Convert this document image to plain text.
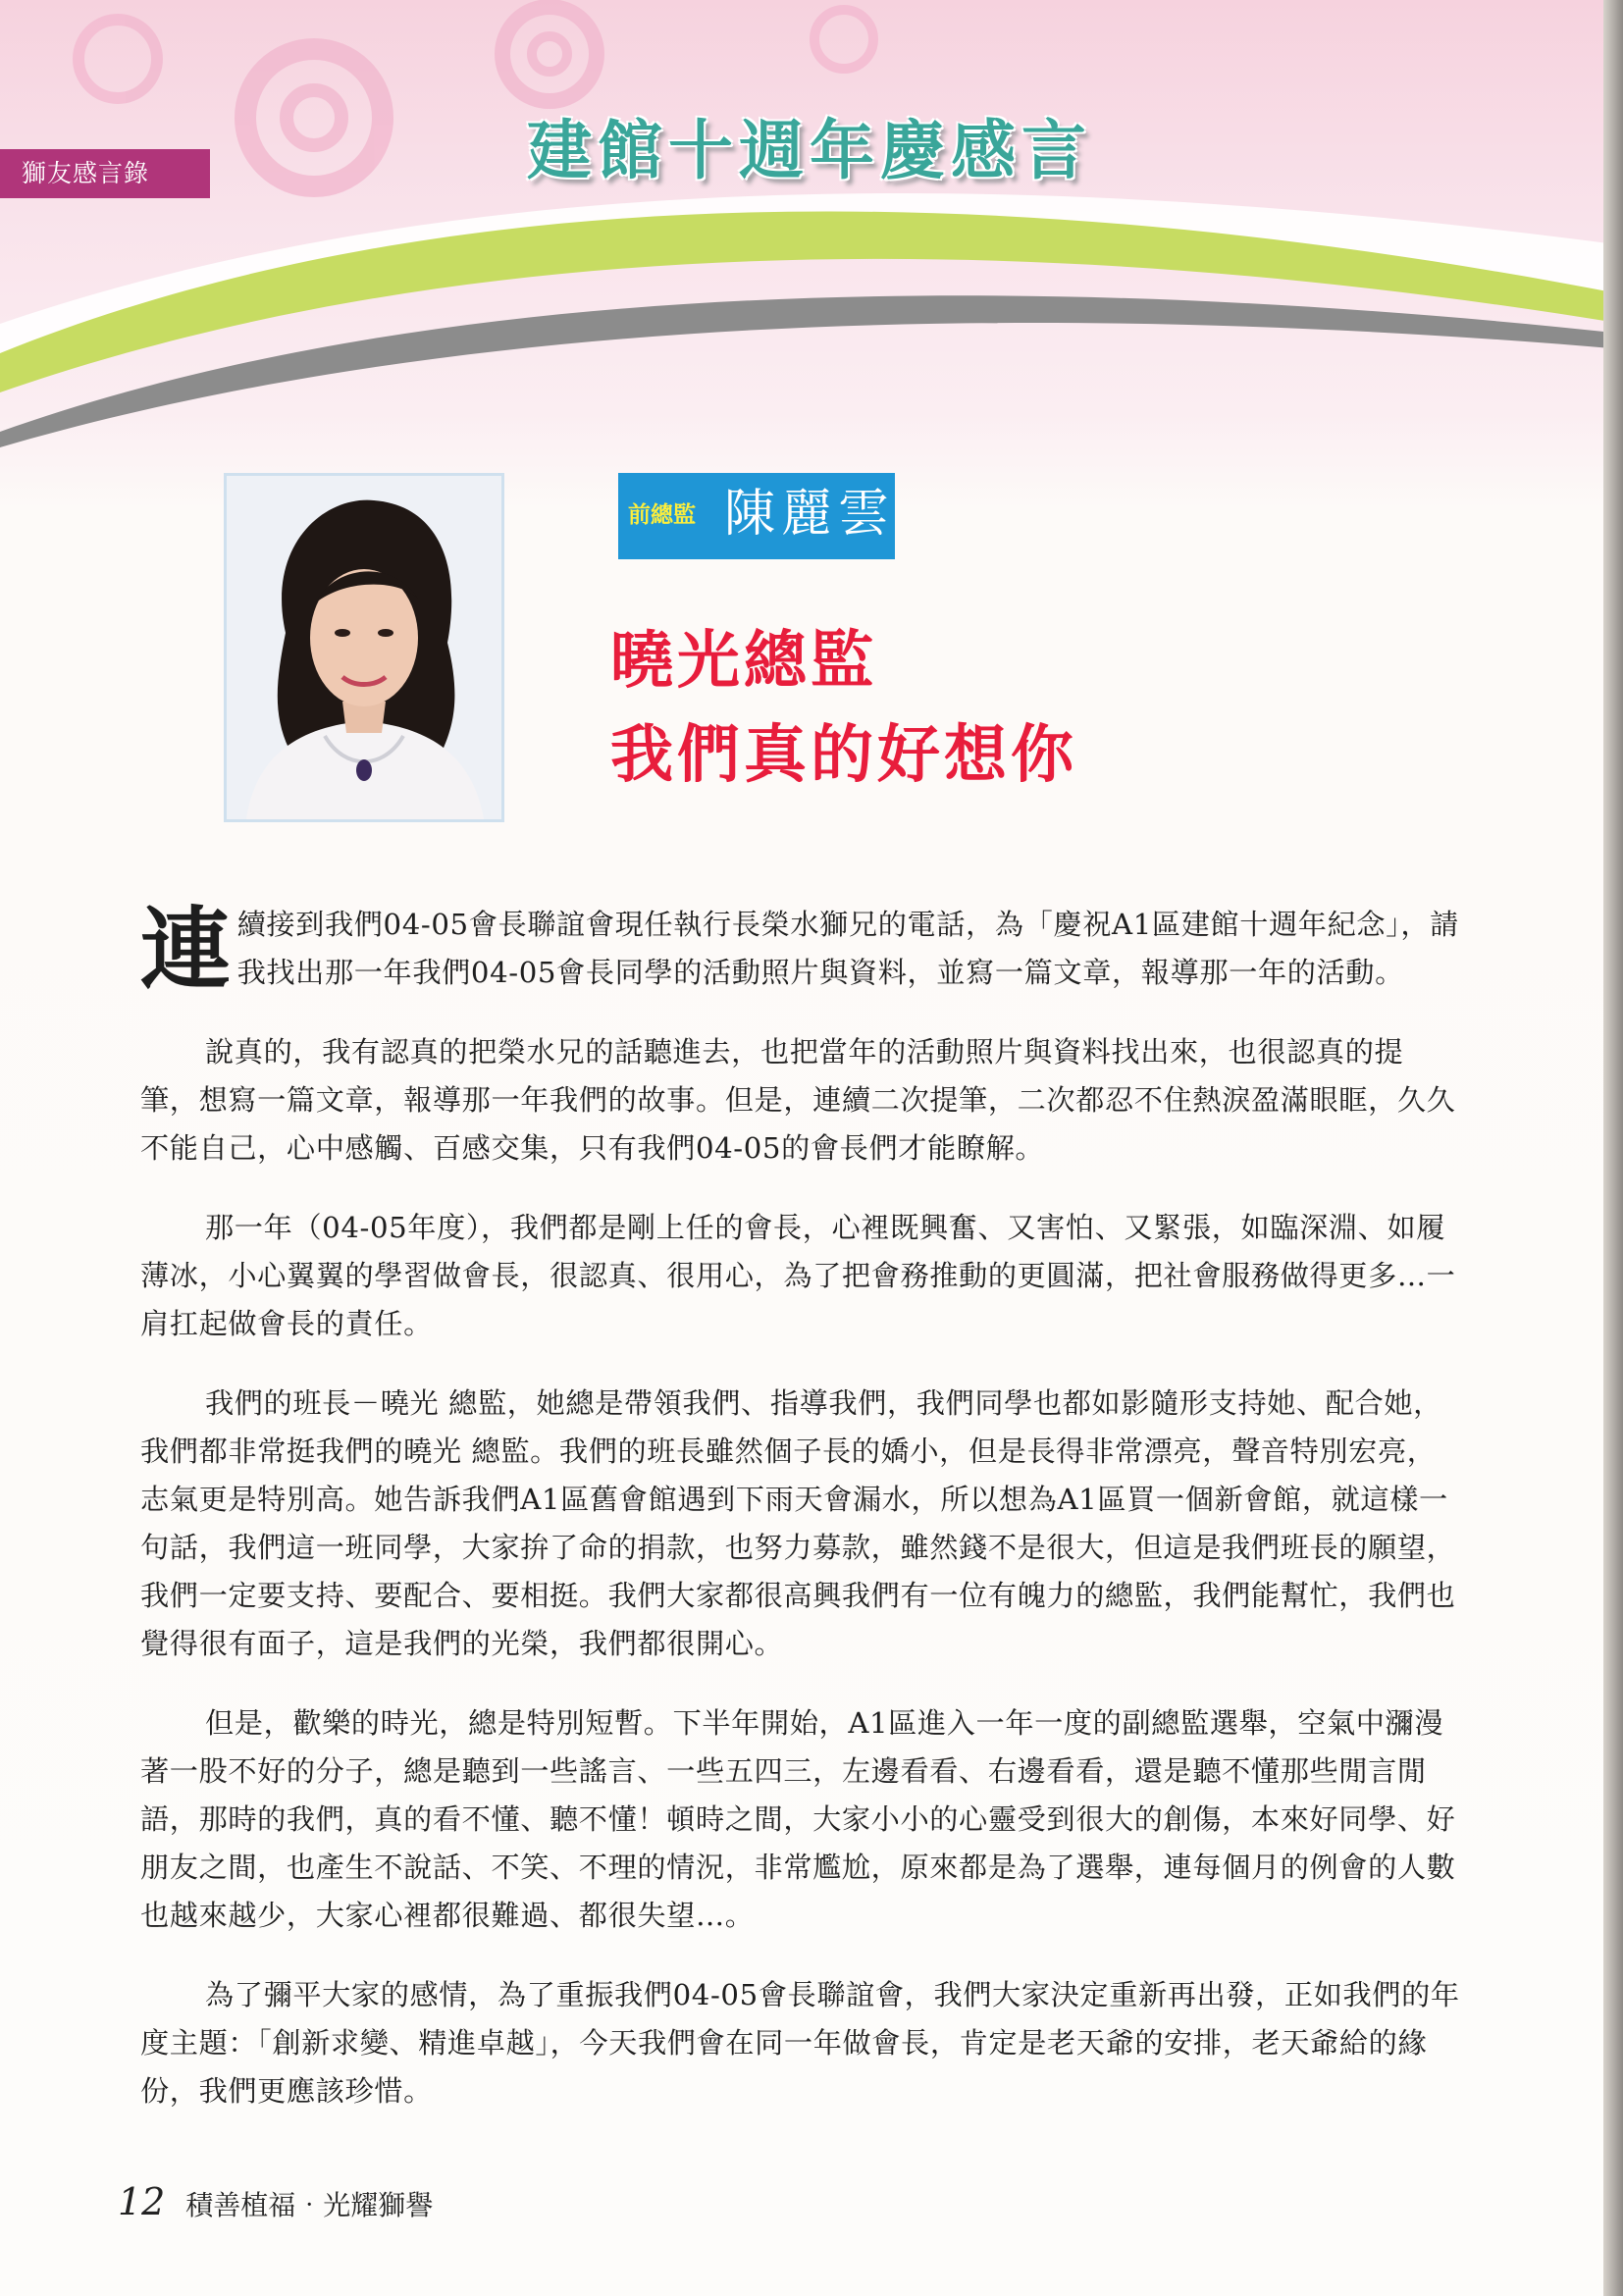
獅友感言錄	建館十週年慶感言
前總監 陳麗雲
曉光總監
我們真的好想你

連續接到我們04-05會長聯誼會現任執行長榮水獅兄的電話，為「慶祝A1區建館十週年紀念」，請我找出那一年我們04-05會長同學的活動照片與資料，並寫一篇文章，報導那一年的活動。

說真的，我有認真的把榮水兄的話聽進去，也把當年的活動照片與資料找出來，也很認真的提筆，想寫一篇文章，報導那一年我們的故事。但是，連續二次提筆，二次都忍不住熱淚盈滿眼眶，久久不能自己，心中感觸、百感交集，只有我們04-05的會長們才能瞭解。

那一年（04-05年度），我們都是剛上任的會長，心裡既興奮、又害怕、又緊張，如臨深淵、如履薄冰，小心翼翼的學習做會長，很認真、很用心，為了把會務推動的更圓滿，把社會服務做得更多…一肩扛起做會長的責任。

我們的班長－曉光 總監，她總是帶領我們、指導我們，我們同學也都如影隨形支持她、配合她，我們都非常挺我們的曉光 總監。我們的班長雖然個子長的嬌小，但是長得非常漂亮，聲音特別宏亮，志氣更是特別高。她告訴我們A1區舊會館遇到下雨天會漏水，所以想為A1區買一個新會館，就這樣一句話，我們這一班同學，大家拚了命的捐款，也努力募款，雖然錢不是很大，但這是我們班長的願望，我們一定要支持、要配合、要相挺。我們大家都很高興我們有一位有魄力的總監，我們能幫忙，我們也覺得很有面子，這是我們的光榮，我們都很開心。

但是，歡樂的時光，總是特別短暫。下半年開始，A1區進入一年一度的副總監選舉，空氣中瀰漫著一股不好的分子，總是聽到一些謠言、一些五四三，左邊看看、右邊看看，還是聽不懂那些閒言閒語，那時的我們，真的看不懂、聽不懂！頓時之間，大家小小的心靈受到很大的創傷，本來好同學、好朋友之間，也產生不說話、不笑、不理的情況，非常尷尬，原來都是為了選舉，連每個月的例會的人數也越來越少，大家心裡都很難過、都很失望…。

為了彌平大家的感情，為了重振我們04-05會長聯誼會，我們大家決定重新再出發，正如我們的年度主題：「創新求變、精進卓越」，今天我們會在同一年做會長，肯定是老天爺的安排，老天爺給的緣份，我們更應該珍惜。

12 積善植福‧光耀獅譽
